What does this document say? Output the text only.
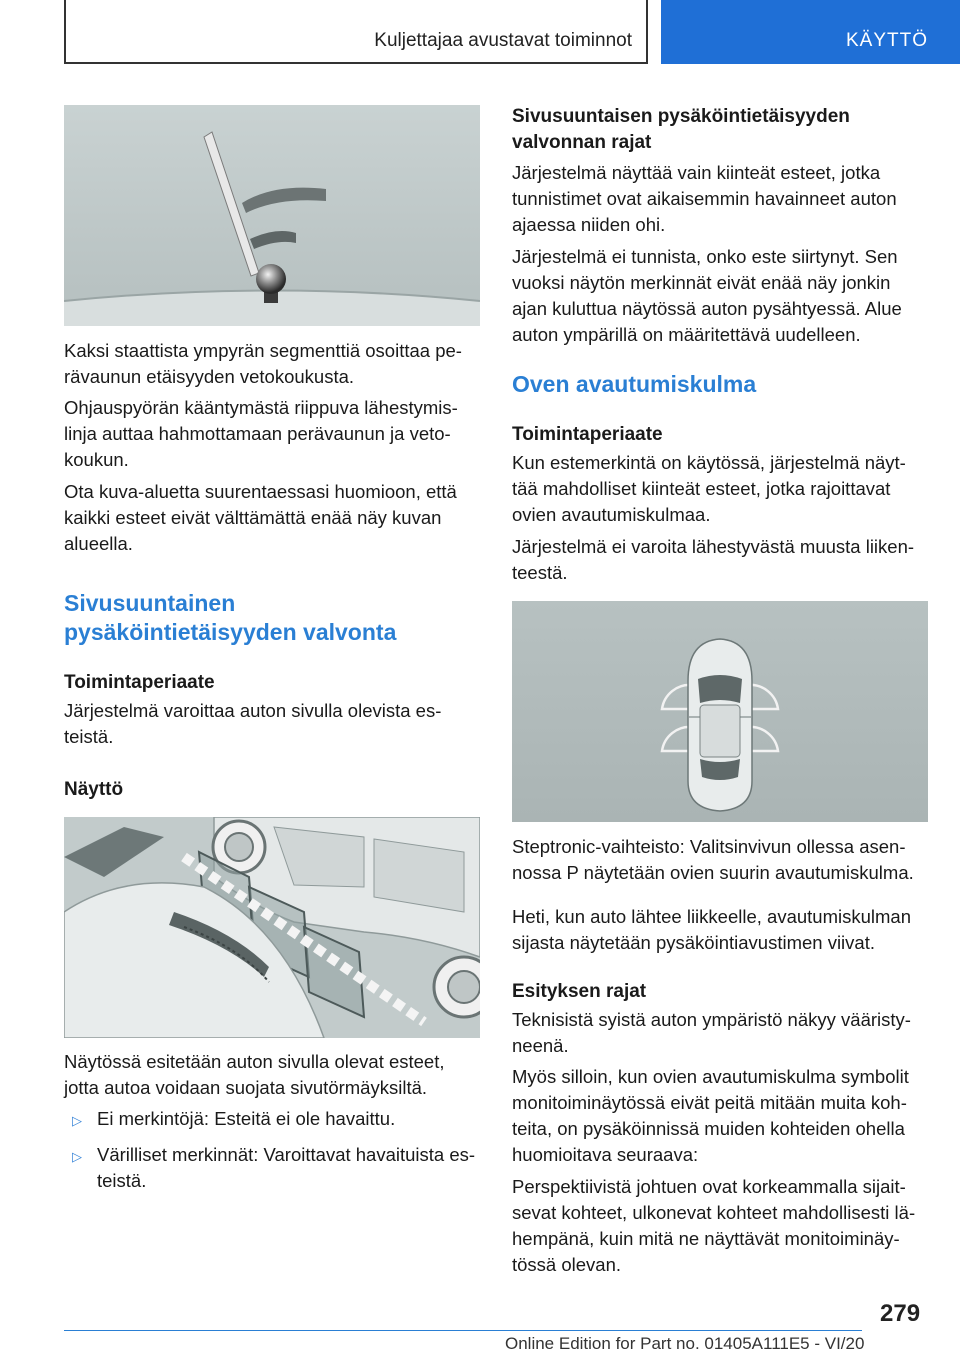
Kuljettajaa avustavat toiminnot	KÄYTTÖ

Kaksi staattista ympyrän segmenttiä osoittaa pe-
rävaunun etäisyyden vetokoukusta.

Ohjauspyörän kääntymästä riippuva lähestymis-
linja auttaa hahmottamaan perävaunun ja veto-
koukun.

Ota kuva-aluetta suurentaessasi huomioon, että
kaikki esteet eivät välttämättä enää näy kuvan
alueella.

Sivusuuntainen
pysäköintietäisyyden valvonta
Toimintaperiaate

Järjestelmä varoittaa auton sivulla olevista es-
teistä.

Näyttö

Näytössä esitetään auton sivulla olevat esteet,
jotta autoa voidaan suojata sivutörmäyksiltä.

▷ Ei merkintöjä: Esteitä ei ole havaittu.

▷ Värilliset merkinnät: Varoittavat havaituista es-
teistä.

Sivusuuntaisen pysäköintietäisyyden
valvonnan rajat

Järjestelmä näyttää vain kiinteät esteet, jotka
tunnistimet ovat aikaisemmin havainneet auton
ajaessa niiden ohi.

Järjestelmä ei tunnista, onko este siirtynyt. Sen
vuoksi näytön merkinnät eivät enää näy jonkin
ajan kuluttua näytössä auton pysähtyessä. Alue
auton ympärillä on määritettävä uudelleen.

Oven avautumiskulma
Toimintaperiaate

Kun estemerkintä on käytössä, järjestelmä näyt-
tää mahdolliset kiinteät esteet, jotka rajoittavat
ovien avautumiskulmaa.

Järjestelmä ei varoita lähestyvästä muusta liiken-
teestä.

Steptronic-vaihteisto: Valitsinvivun ollessa asen-
nossa P näytetään ovien suurin avautumiskulma.

Heti, kun auto lähtee liikkeelle, avautumiskulman
sijasta näytetään pysäköintiavustimen viivat.

Esityksen rajat

Teknisistä syistä auton ympäristö näkyy vääristy-
neenä.

Myös silloin, kun ovien avautumiskulma symbolit
monitoiminäytössä eivät peitä mitään muita koh-
teita, on pysäköinnissä muiden kohteiden ohella
huomioitava seuraava:

Perspektiivistä johtuen ovat korkeammalla sijait-
sevat kohteet, ulkonevat kohteet mahdollisesti lä-
hempänä, kuin mitä ne näyttävät monitoiminäy-
tössä olevan.

279
Online Edition for Part no. 01405A111E5 - VI/20
